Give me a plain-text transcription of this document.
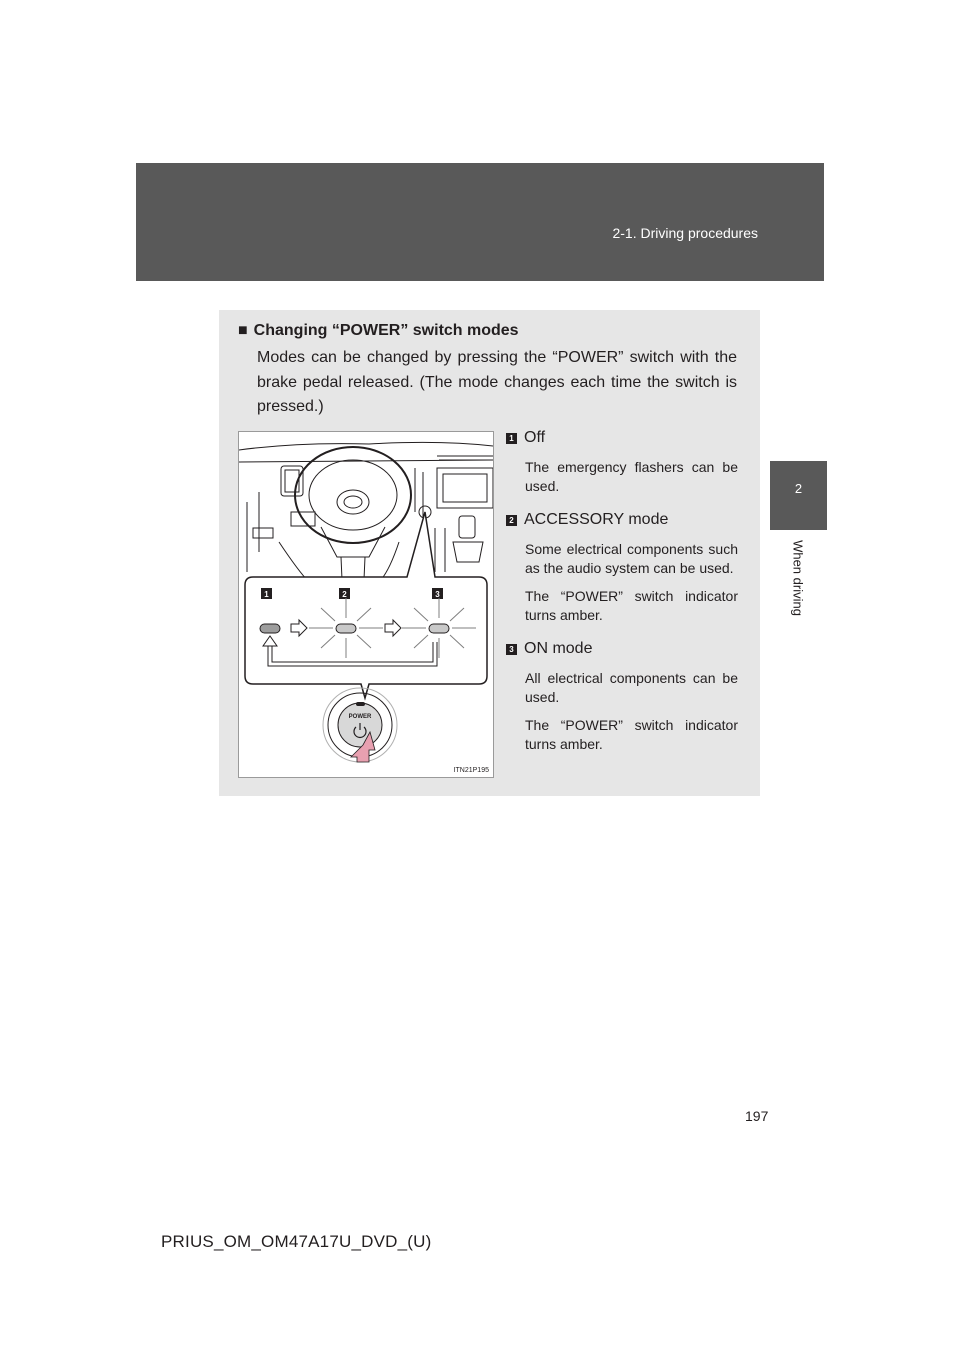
2-1. Driving procedures
2
When driving
■ Changing “POWER” switch modes
Modes can be changed by pressing the “POWER” switch with the brake pedal released. (The mode changes each time the switch is pressed.)
1	2	3
POWER
ITN21P195
1 Off
The emergency flashers can be used.
2 ACCESSORY mode
Some electrical components such as the audio system can be used.
The “POWER” switch indicator turns amber.
3 ON mode
All electrical components can be used.
The “POWER” switch indicator turns amber.
197
PRIUS_OM_OM47A17U_DVD_(U)
